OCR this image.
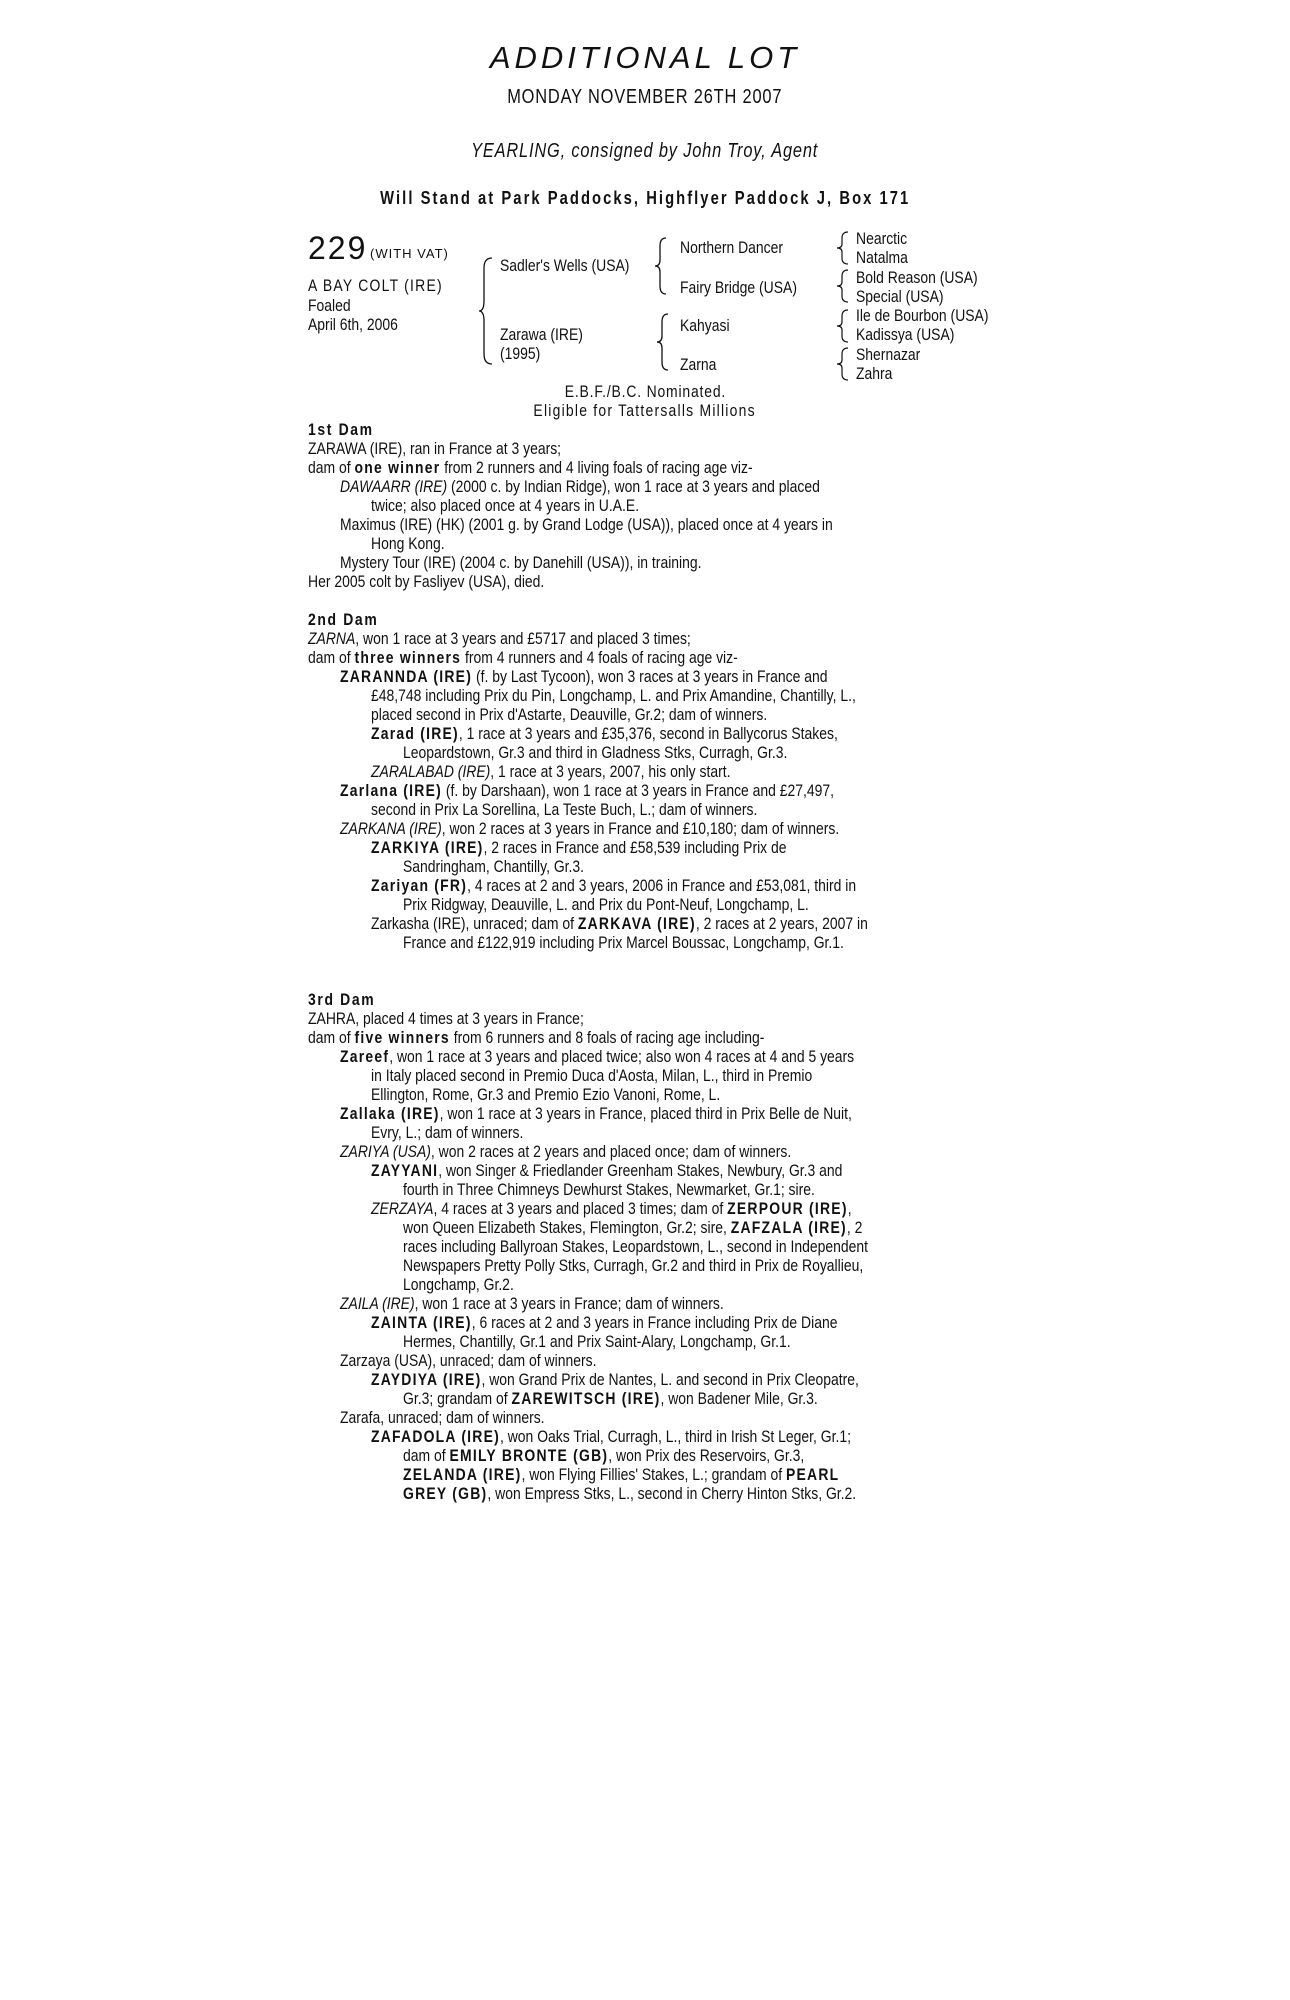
ADDITIONAL LOT
MONDAY NOVEMBER 26TH 2007
YEARLING, consigned by John Troy, Agent
Will Stand at Park Paddocks, Highflyer Paddock J, Box 171
229 (WITH VAT)
A BAY COLT (IRE)
Foaled
April 6th, 2006
Sadler's Wells (USA)
Zarawa (IRE)
(1995)
Northern Dancer
Fairy Bridge (USA)
Kahyasi
Zarna
Nearctic
Natalma
Bold Reason (USA)
Special (USA)
Ile de Bourbon (USA)
Kadissya (USA)
Shernazar
Zahra
E.B.F./B.C. Nominated.
Eligible for Tattersalls Millions
1st Dam
ZARAWA (IRE), ran in France at 3 years;
dam of one winner from 2 runners and 4 living foals of racing age viz-
DAWAARR (IRE) (2000 c. by Indian Ridge), won 1 race at 3 years and placed
twice; also placed once at 4 years in U.A.E.
Maximus (IRE) (HK) (2001 g. by Grand Lodge (USA)), placed once at 4 years in
Hong Kong.
Mystery Tour (IRE) (2004 c. by Danehill (USA)), in training.
Her 2005 colt by Fasliyev (USA), died.
2nd Dam
ZARNA, won 1 race at 3 years and £5717 and placed 3 times;
dam of three winners from 4 runners and 4 foals of racing age viz-
ZARANNDA (IRE) (f. by Last Tycoon), won 3 races at 3 years in France and
£48,748 including Prix du Pin, Longchamp, L. and Prix Amandine, Chantilly, L.,
placed second in Prix d'Astarte, Deauville, Gr.2; dam of winners.
Zarad (IRE), 1 race at 3 years and £35,376, second in Ballycorus Stakes,
Leopardstown, Gr.3 and third in Gladness Stks, Curragh, Gr.3.
ZARALABAD (IRE), 1 race at 3 years, 2007, his only start.
Zarlana (IRE) (f. by Darshaan), won 1 race at 3 years in France and £27,497,
second in Prix La Sorellina, La Teste Buch, L.; dam of winners.
ZARKANA (IRE), won 2 races at 3 years in France and £10,180; dam of winners.
ZARKIYA (IRE), 2 races in France and £58,539 including Prix de
Sandringham, Chantilly, Gr.3.
Zariyan (FR), 4 races at 2 and 3 years, 2006 in France and £53,081, third in
Prix Ridgway, Deauville, L. and Prix du Pont-Neuf, Longchamp, L.
Zarkasha (IRE), unraced; dam of ZARKAVA (IRE), 2 races at 2 years, 2007 in
France and £122,919 including Prix Marcel Boussac, Longchamp, Gr.1.
3rd Dam
ZAHRA, placed 4 times at 3 years in France;
dam of five winners from 6 runners and 8 foals of racing age including-
Zareef, won 1 race at 3 years and placed twice; also won 4 races at 4 and 5 years
in Italy placed second in Premio Duca d'Aosta, Milan, L., third in Premio
Ellington, Rome, Gr.3 and Premio Ezio Vanoni, Rome, L.
Zallaka (IRE), won 1 race at 3 years in France, placed third in Prix Belle de Nuit,
Evry, L.; dam of winners.
ZARIYA (USA), won 2 races at 2 years and placed once; dam of winners.
ZAYYANI, won Singer & Friedlander Greenham Stakes, Newbury, Gr.3 and
fourth in Three Chimneys Dewhurst Stakes, Newmarket, Gr.1; sire.
ZERZAYA, 4 races at 3 years and placed 3 times; dam of ZERPOUR (IRE),
won Queen Elizabeth Stakes, Flemington, Gr.2; sire, ZAFZALA (IRE), 2
races including Ballyroan Stakes, Leopardstown, L., second in Independent
Newspapers Pretty Polly Stks, Curragh, Gr.2 and third in Prix de Royallieu,
Longchamp, Gr.2.
ZAILA (IRE), won 1 race at 3 years in France; dam of winners.
ZAINTA (IRE), 6 races at 2 and 3 years in France including Prix de Diane
Hermes, Chantilly, Gr.1 and Prix Saint-Alary, Longchamp, Gr.1.
Zarzaya (USA), unraced; dam of winners.
ZAYDIYA (IRE), won Grand Prix de Nantes, L. and second in Prix Cleopatre,
Gr.3; grandam of ZAREWITSCH (IRE), won Badener Mile, Gr.3.
Zarafa, unraced; dam of winners.
ZAFADOLA (IRE), won Oaks Trial, Curragh, L., third in Irish St Leger, Gr.1;
dam of EMILY BRONTE (GB), won Prix des Reservoirs, Gr.3,
ZELANDA (IRE), won Flying Fillies' Stakes, L.; grandam of PEARL
GREY (GB), won Empress Stks, L., second in Cherry Hinton Stks, Gr.2.
